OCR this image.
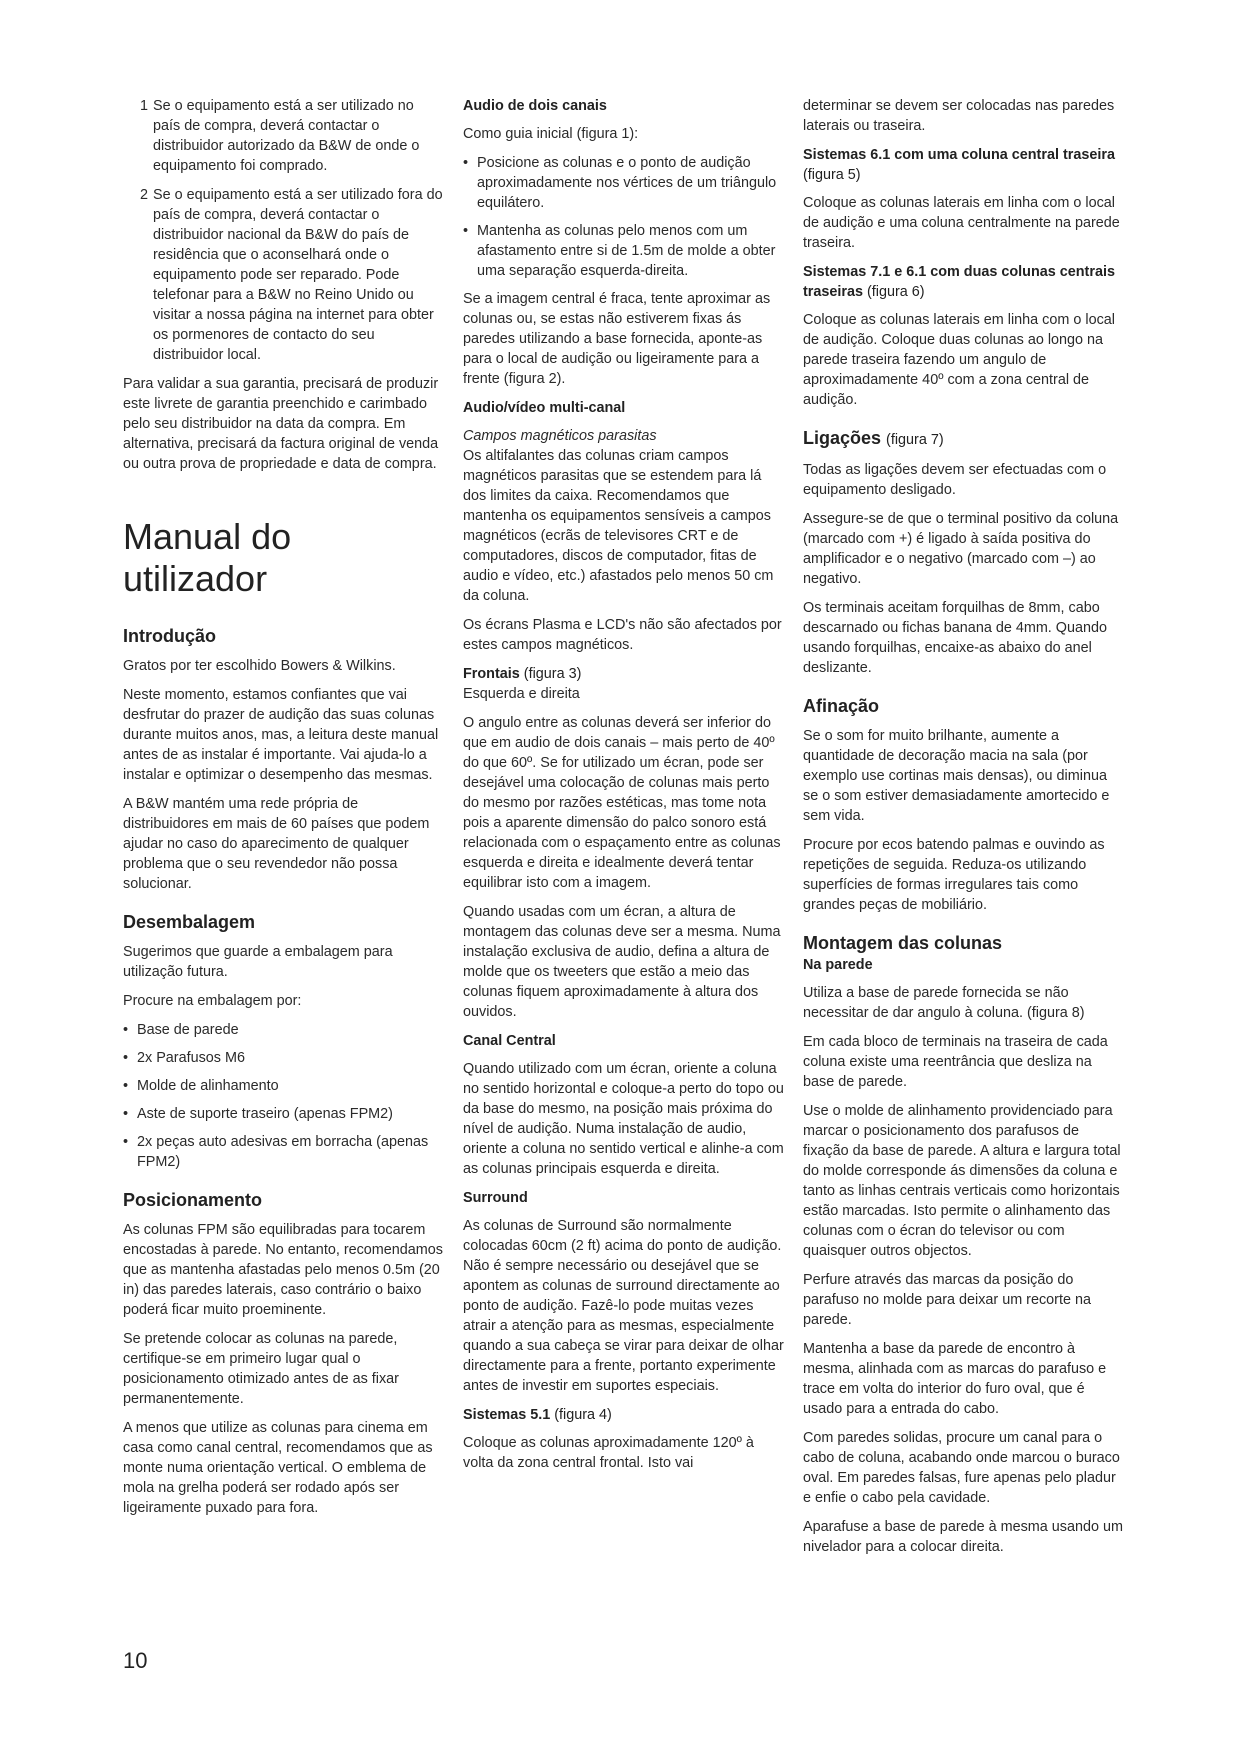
1 Se o equipamento está a ser utilizado no país de compra, deverá contactar o distribuidor autorizado da B&W de onde o equipamento foi comprado.

2 Se o equipamento está a ser utilizado fora do país de compra, deverá contactar o distribuidor nacional da B&W do país de residência que o aconselhará onde o equipamento pode ser reparado. Pode telefonar para a B&W no Reino Unido ou visitar a nossa página na internet para obter os pormenores de contacto do seu distribuidor local.

Para validar a sua garantia, precisará de produzir este livrete de garantia preenchido e carimbado pelo seu distribuidor na data da compra. Em alternativa, precisará da factura original de venda ou outra prova de propriedade e data de compra.

Manual do utilizador
Introdução

Gratos por ter escolhido Bowers & Wilkins.

Neste momento, estamos confiantes que vai desfrutar do prazer de audição das suas colunas durante muitos anos, mas, a leitura deste manual antes de as instalar é importante. Vai ajuda-lo a instalar e optimizar o desempenho das mesmas.

A B&W mantém uma rede própria de distribuidores em mais de 60 países que podem ajudar no caso do aparecimento de qualquer problema que o seu revendedor não possa solucionar.

Desembalagem

Sugerimos que guarde a embalagem para utilização futura.

Procure na embalagem por:

• Base de parede
• 2x Parafusos M6
• Molde de alinhamento
• Aste de suporte traseiro (apenas FPM2)
• 2x peças auto adesivas em borracha (apenas FPM2)
Posicionamento

As colunas FPM são equilibradas para tocarem encostadas à parede. No entanto, recomendamos que as mantenha afastadas pelo menos 0.5m (20 in) das paredes laterais, caso contrário o baixo poderá ficar muito proeminente.

Se pretende colocar as colunas na parede, certifique-se em primeiro lugar qual o posicionamento otimizado antes de as fixar permanentemente.

A menos que utilize as colunas para cinema em casa como canal central, recomendamos que as monte numa orientação vertical. O emblema de mola na grelha poderá ser rodado após ser ligeiramente puxado para fora.

Audio de dois canais

Como guia inicial (figura 1):

• Posicione as colunas e o ponto de audição aproximadamente nos vértices de um triângulo equilátero.
• Mantenha as colunas pelo menos com um afastamento entre si de 1.5m de molde a obter uma separação esquerda-direita.

Se a imagem central é fraca, tente aproximar as colunas ou, se estas não estiverem fixas ás paredes utilizando a base fornecida, aponte-as para o local de audição ou ligeiramente para a frente (figura 2).

Audio/vídeo multi-canal

Campos magnéticos parasitas

Os altifalantes das colunas criam campos magnéticos parasitas que se estendem para lá dos limites da caixa. Recomendamos que mantenha os equipamentos sensíveis a campos magnéticos (ecrãs de televisores CRT e de computadores, discos de computador, fitas de audio e vídeo, etc.) afastados pelo menos 50 cm da coluna.

Os écrans Plasma e LCD's não são afectados por estes campos magnéticos.

Frontais (figura 3)

Esquerda e direita

O angulo entre as colunas deverá ser inferior do que em audio de dois canais – mais perto de 40º do que 60º. Se for utilizado um écran, pode ser desejável uma colocação de colunas mais perto do mesmo por razões estéticas, mas tome nota pois a aparente dimensão do palco sonoro está relacionada com o espaçamento entre as colunas esquerda e direita e idealmente deverá tentar equilibrar isto com a imagem.

Quando usadas com um écran, a altura de montagem das colunas deve ser a mesma. Numa instalação exclusiva de audio, defina a altura de molde que os tweeters que estão a meio das colunas fiquem aproximadamente à altura dos ouvidos.

Canal Central

Quando utilizado com um écran, oriente a coluna no sentido horizontal e coloque-a perto do topo ou da base do mesmo, na posição mais próxima do nível de audição. Numa instalação de audio, oriente a coluna no sentido vertical e alinhe-a com as colunas principais esquerda e direita.

Surround

As colunas de Surround são normalmente colocadas 60cm (2 ft) acima do ponto de audição. Não é sempre necessário ou desejável que se apontem as colunas de surround directamente ao ponto de audição. Fazê-lo pode muitas vezes atrair a atenção para as mesmas, especialmente quando a sua cabeça se virar para deixar de olhar directamente para a frente, portanto experimente antes de investir em suportes especiais.

Sistemas 5.1 (figura 4)

Coloque as colunas aproximadamente 120º à volta da zona central frontal. Isto vai

determinar se devem ser colocadas nas paredes laterais ou traseira.

Sistemas 6.1 com uma coluna central traseira (figura 5)

Coloque as colunas laterais em linha com o local de audição e uma coluna centralmente na parede traseira.

Sistemas 7.1 e 6.1 com duas colunas centrais traseiras (figura 6)

Coloque as colunas laterais em linha com o local de audição. Coloque duas colunas ao longo na parede traseira fazendo um angulo de aproximadamente 40º com a zona central de audição.

Ligações (figura 7)

Todas as ligações devem ser efectuadas com o equipamento desligado.

Assegure-se de que o terminal positivo da coluna (marcado com +) é ligado à saída positiva do amplificador e o negativo (marcado com –) ao negativo.

Os terminais aceitam forquilhas de 8mm, cabo descarnado ou fichas banana de 4mm. Quando usando forquilhas, encaixe-as abaixo do anel deslizante.

Afinação

Se o som for muito brilhante, aumente a quantidade de decoração macia na sala (por exemplo use cortinas mais densas), ou diminua se o som estiver demasiadamente amortecido e sem vida.

Procure por ecos batendo palmas e ouvindo as repetições de seguida. Reduza-os utilizando superfícies de formas irregulares tais como grandes peças de mobiliário.

Montagem das colunas
Na parede

Utiliza a base de parede fornecida se não necessitar de dar angulo à coluna. (figura 8)

Em cada bloco de terminais na traseira de cada coluna existe uma reentrância que desliza na base de parede.

Use o molde de alinhamento providenciado para marcar o posicionamento dos parafusos de fixação da base de parede. A altura e largura total do molde corresponde ás dimensões da coluna e tanto as linhas centrais verticais como horizontais estão marcadas. Isto permite o alinhamento das colunas com o écran do televisor ou com quaisquer outros objectos.

Perfure através das marcas da posição do parafuso no molde para deixar um recorte na parede.

Mantenha a base da parede de encontro à mesma, alinhada com as marcas do parafuso e trace em volta do interior do furo oval, que é usado para a entrada do cabo.

Com paredes solidas, procure um canal para o cabo de coluna, acabando onde marcou o buraco oval. Em paredes falsas, fure apenas pelo pladur e enfie o cabo pela cavidade.

Aparafuse a base de parede à mesma usando um nivelador para a colocar direita.

10
